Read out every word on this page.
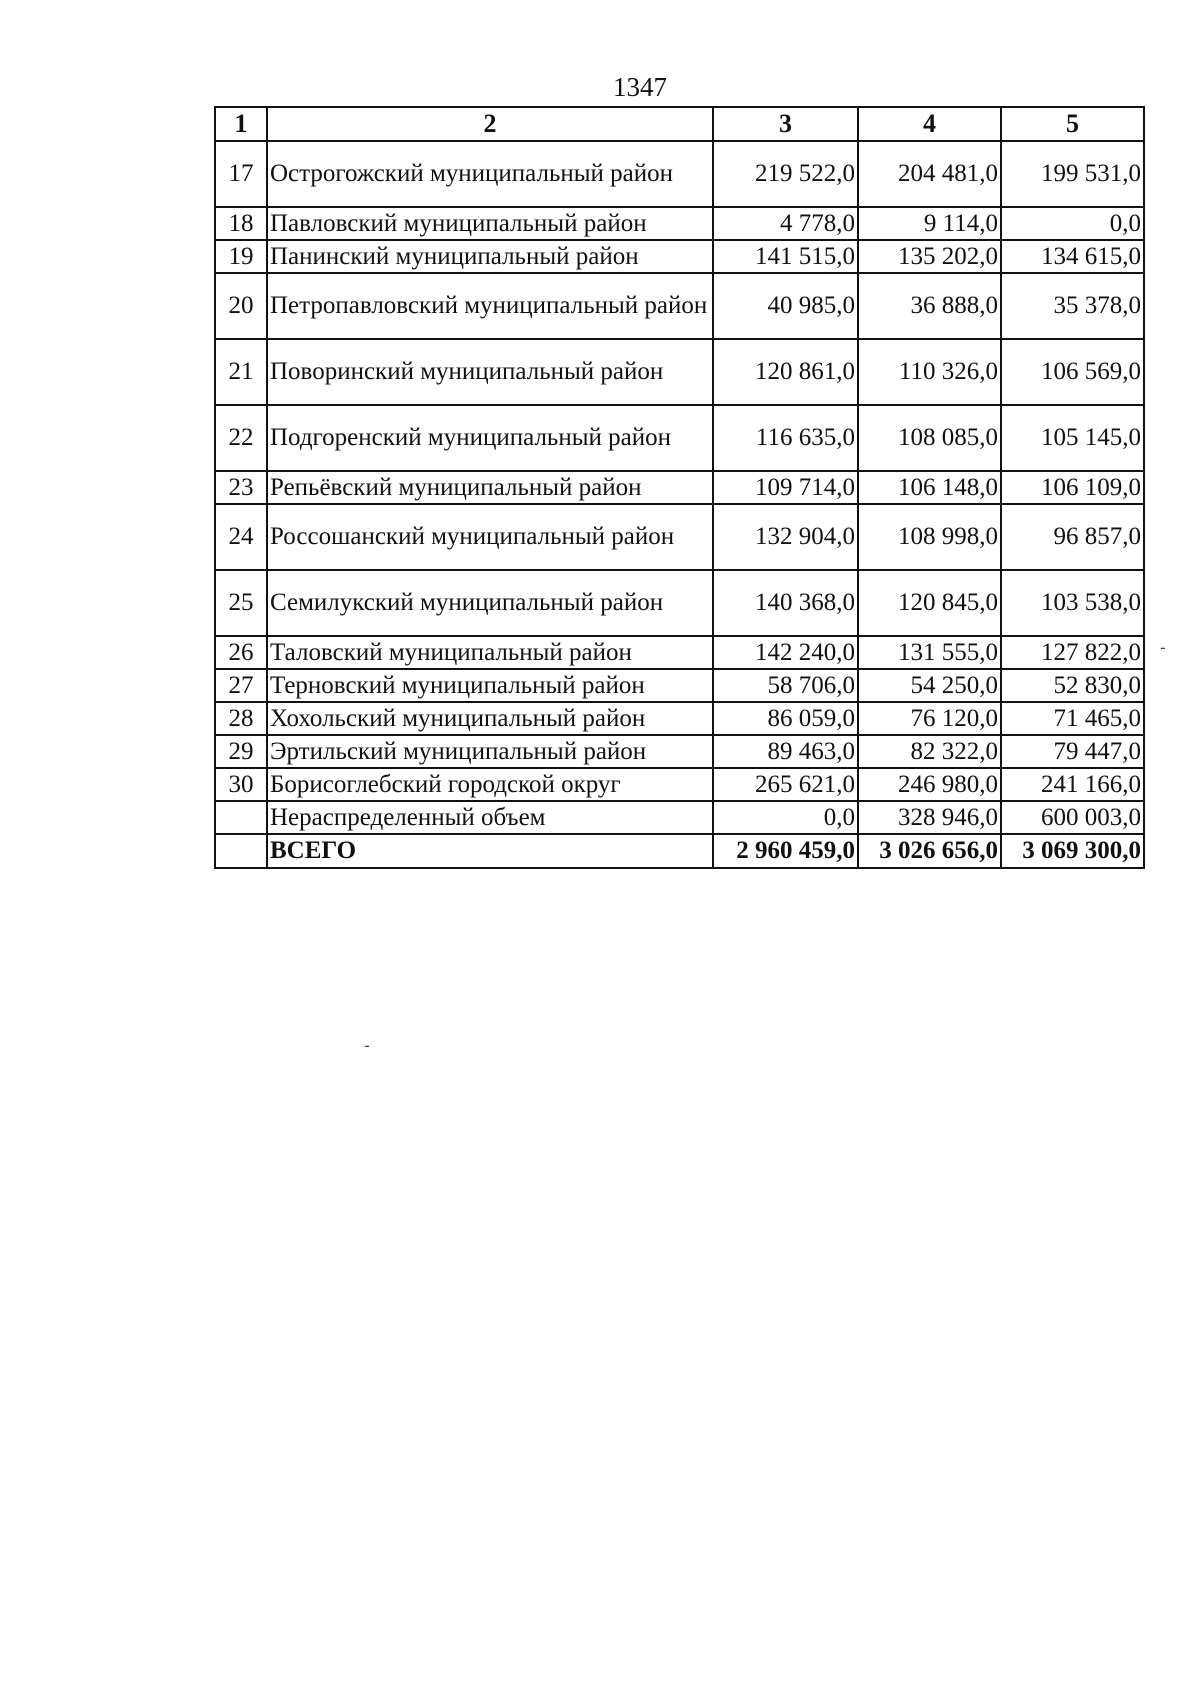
1347
1	2	3	4	5
17	Острогожский муниципальный район	219 522,0	204 481,0	199 531,0
18	Павловский муниципальный район	4 778,0	9 114,0	0,0
19	Панинский муниципальный район	141 515,0	135 202,0	134 615,0
20	Петропавловский муниципальный район	40 985,0	36 888,0	35 378,0
21	Поворинский муниципальный район	120 861,0	110 326,0	106 569,0
22	Подгоренский муниципальный район	116 635,0	108 085,0	105 145,0
23	Репьёвский муниципальный район	109 714,0	106 148,0	106 109,0
24	Россошанский муниципальный район	132 904,0	108 998,0	96 857,0
25	Семилукский муниципальный район	140 368,0	120 845,0	103 538,0
26	Таловский муниципальный район	142 240,0	131 555,0	127 822,0
27	Терновский муниципальный район	58 706,0	54 250,0	52 830,0
28	Хохольский муниципальный район	86 059,0	76 120,0	71 465,0
29	Эртильский муниципальный район	89 463,0	82 322,0	79 447,0
30	Борисоглебский городской округ	265 621,0	246 980,0	241 166,0
	Нераспределенный объем	0,0	328 946,0	600 003,0
	ВСЕГО	2 960 459,0	3 026 656,0	3 069 300,0
-
-
